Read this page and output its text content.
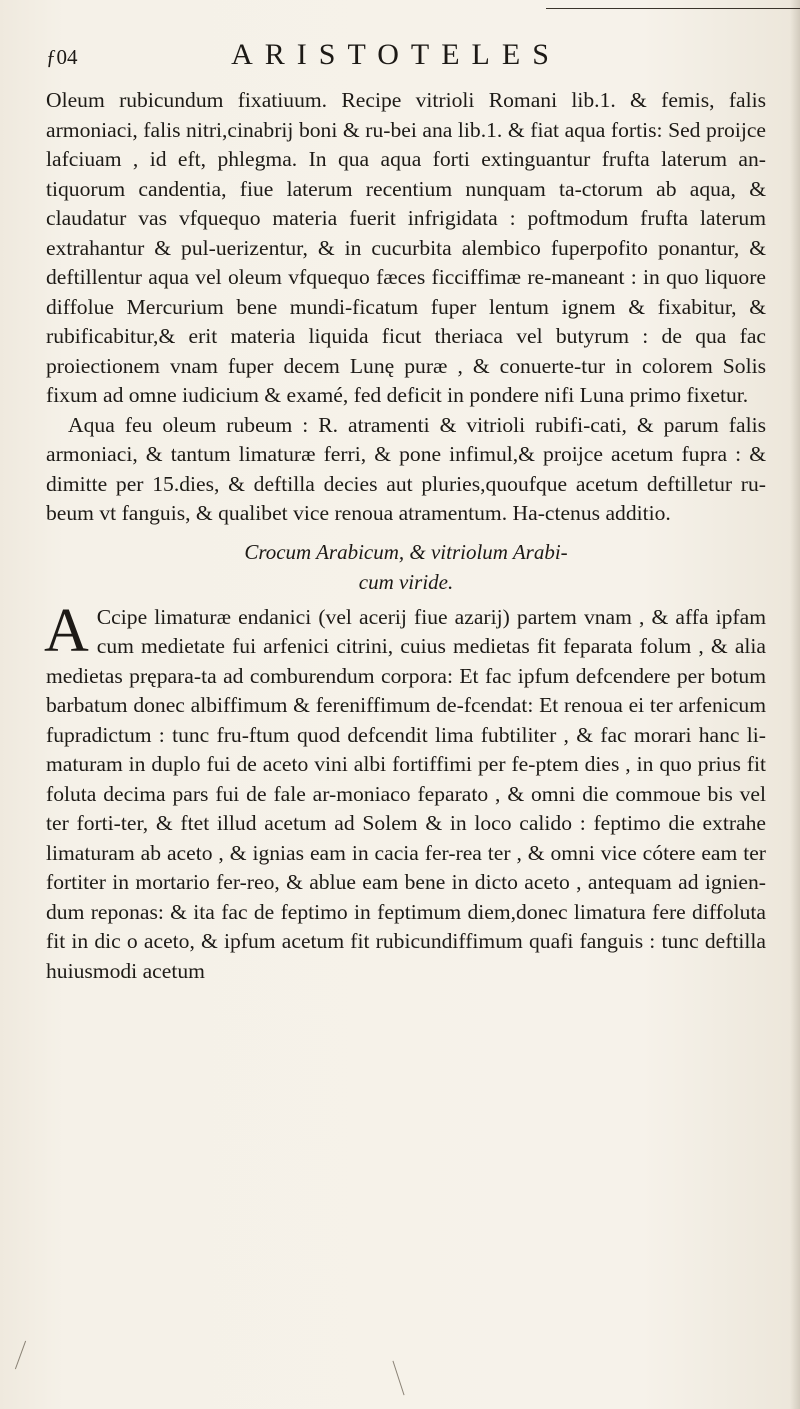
ƒ04	ARISTOTELES

Oleum rubicundum fixatiuum. Recipe vitrioli Romani lib.1. & femis, falis armoniaci, falis nitri,cinabrij boni & ru-bei ana lib.1. & fiat aqua fortis: Sed proijce lafciuam , id eft, phlegma. In qua aqua forti extinguantur frufta laterum an-tiquorum candentia, fiue laterum recentium nunquam ta-ctorum ab aqua, & claudatur vas vfquequo materia fuerit infrigidata : poftmodum frufta laterum extrahantur & pul-uerizentur, & in cucurbita alembico fuperpofito ponantur, & deftillentur aqua vel oleum vfquequo fæces ficciffimæ re-maneant : in quo liquore diffolue Mercurium bene mundi-ficatum fuper lentum ignem & fixabitur, & rubificabitur,& erit materia liquida ficut theriaca vel butyrum : de qua fac proiectionem vnam fuper decem Lunę puræ , & conuerte-tur in colorem Solis fixum ad omne iudicium & examé, fed deficit in pondere nifi Luna primo fixetur.

Aqua feu oleum rubeum : R. atramenti & vitrioli rubifi-cati, & parum falis armoniaci, & tantum limaturæ ferri, & pone infimul,& proijce acetum fupra : & dimitte per 15.dies, & deftilla decies aut pluries,quoufque acetum deftilletur ru-beum vt fanguis, & qualibet vice renoua atramentum. Ha-ctenus additio.

Crocum Arabicum, & vitriolum Arabi-
cum viride.

A Ccipe limaturæ endanici (vel acerij fiue azarij) partem vnam , & affa ipfam cum medietate fui arfenici citrini, cuius medietas fit feparata folum , & alia medietas prępara-ta ad comburendum corpora: Et fac ipfum defcendere per botum barbatum donec albiffimum & fereniffimum de-fcendat: Et renoua ei ter arfenicum fupradictum : tunc fru-ftum quod defcendit lima fubtiliter , & fac morari hanc li-maturam in duplo fui de aceto vini albi fortiffimi per fe-ptem dies , in quo prius fit foluta decima pars fui de fale ar-moniaco feparato , & omni die commoue bis vel ter forti-ter, & ftet illud acetum ad Solem & in loco calido : feptimo die extrahe limaturam ab aceto , & ignias eam in cacia fer-rea ter , & omni vice cótere eam ter fortiter in mortario fer-reo, & ablue eam bene in dicto aceto , antequam ad ignien-dum reponas: & ita fac de feptimo in feptimum diem,donec limatura fere diffoluta fit in dic o aceto, & ipfum acetum fit rubicundiffimum quafi fanguis : tunc deftilla huiusmodi acetum
